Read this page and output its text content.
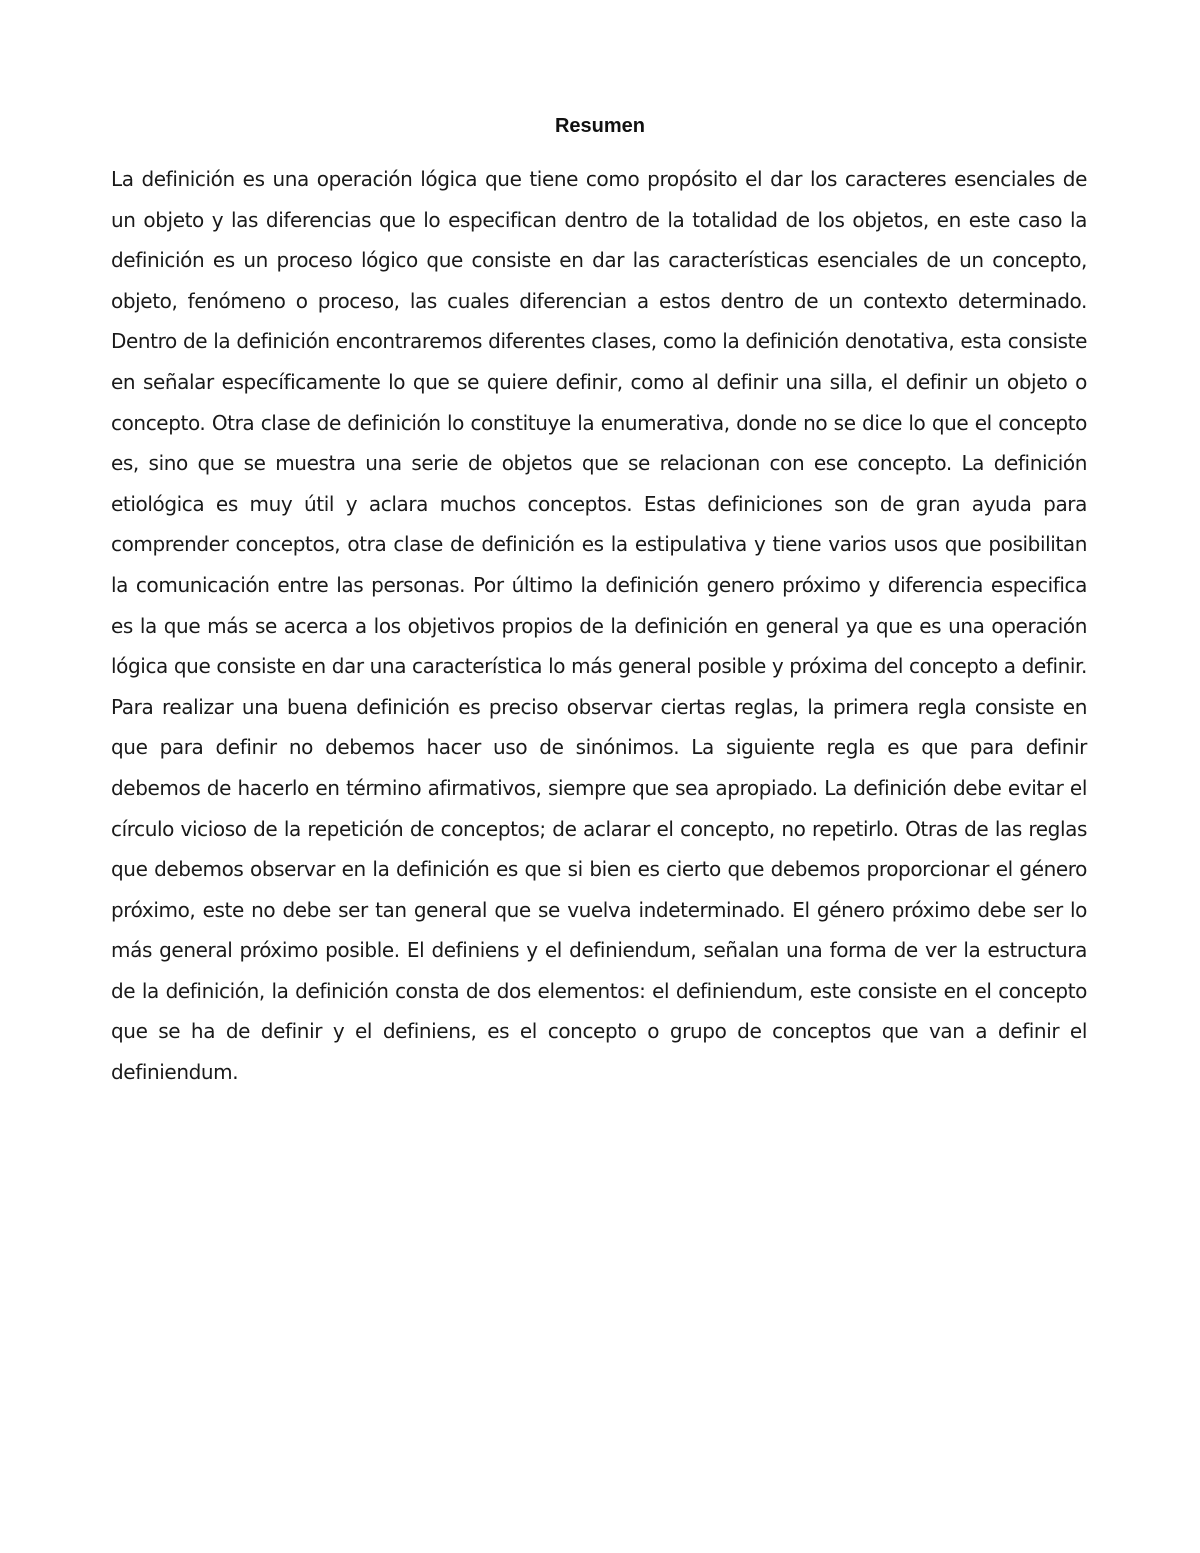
Resumen

La definición es una operación lógica que tiene como propósito el dar los caracteres esenciales de un objeto y las diferencias que lo especifican dentro de la totalidad de los objetos, en este caso la definición es un proceso lógico que consiste en dar las características esenciales de un concepto, objeto, fenómeno o proceso, las cuales diferencian a estos dentro de un contexto determinado. Dentro de la definición encontraremos diferentes clases, como la definición denotativa, esta consiste en señalar específicamente lo que se quiere definir, como al definir una silla, el definir un objeto o concepto. Otra clase de definición lo constituye la enumerativa, donde no se dice lo que el concepto es, sino que se muestra una serie de objetos que se relacionan con ese concepto. La definición etiológica es muy útil y aclara muchos conceptos. Estas definiciones son de gran ayuda para comprender conceptos, otra clase de definición es la estipulativa y tiene varios usos que posibilitan la comunicación entre las personas. Por último la definición genero próximo y diferencia especifica es la que más se acerca a los objetivos propios de la definición en general ya que es una operación lógica que consiste en dar una característica lo más general posible y próxima del concepto a definir. Para realizar una buena definición es preciso observar ciertas reglas, la primera regla consiste en que para definir no debemos hacer uso de sinónimos. La siguiente regla es que para definir debemos de hacerlo en término afirmativos, siempre que sea apropiado. La definición debe evitar el círculo vicioso de la repetición de conceptos; de aclarar el concepto, no repetirlo. Otras de las reglas que debemos observar en la definición es que si bien es cierto que debemos proporcionar el género próximo, este no debe ser tan general que se vuelva indeterminado. El género próximo debe ser lo más general próximo posible. El definiens y el definiendum, señalan una forma de ver la estructura de la definición, la definición consta de dos elementos: el definiendum, este consiste en el concepto que se ha de definir y el definiens, es el concepto o grupo de conceptos que van a definir el definiendum.
